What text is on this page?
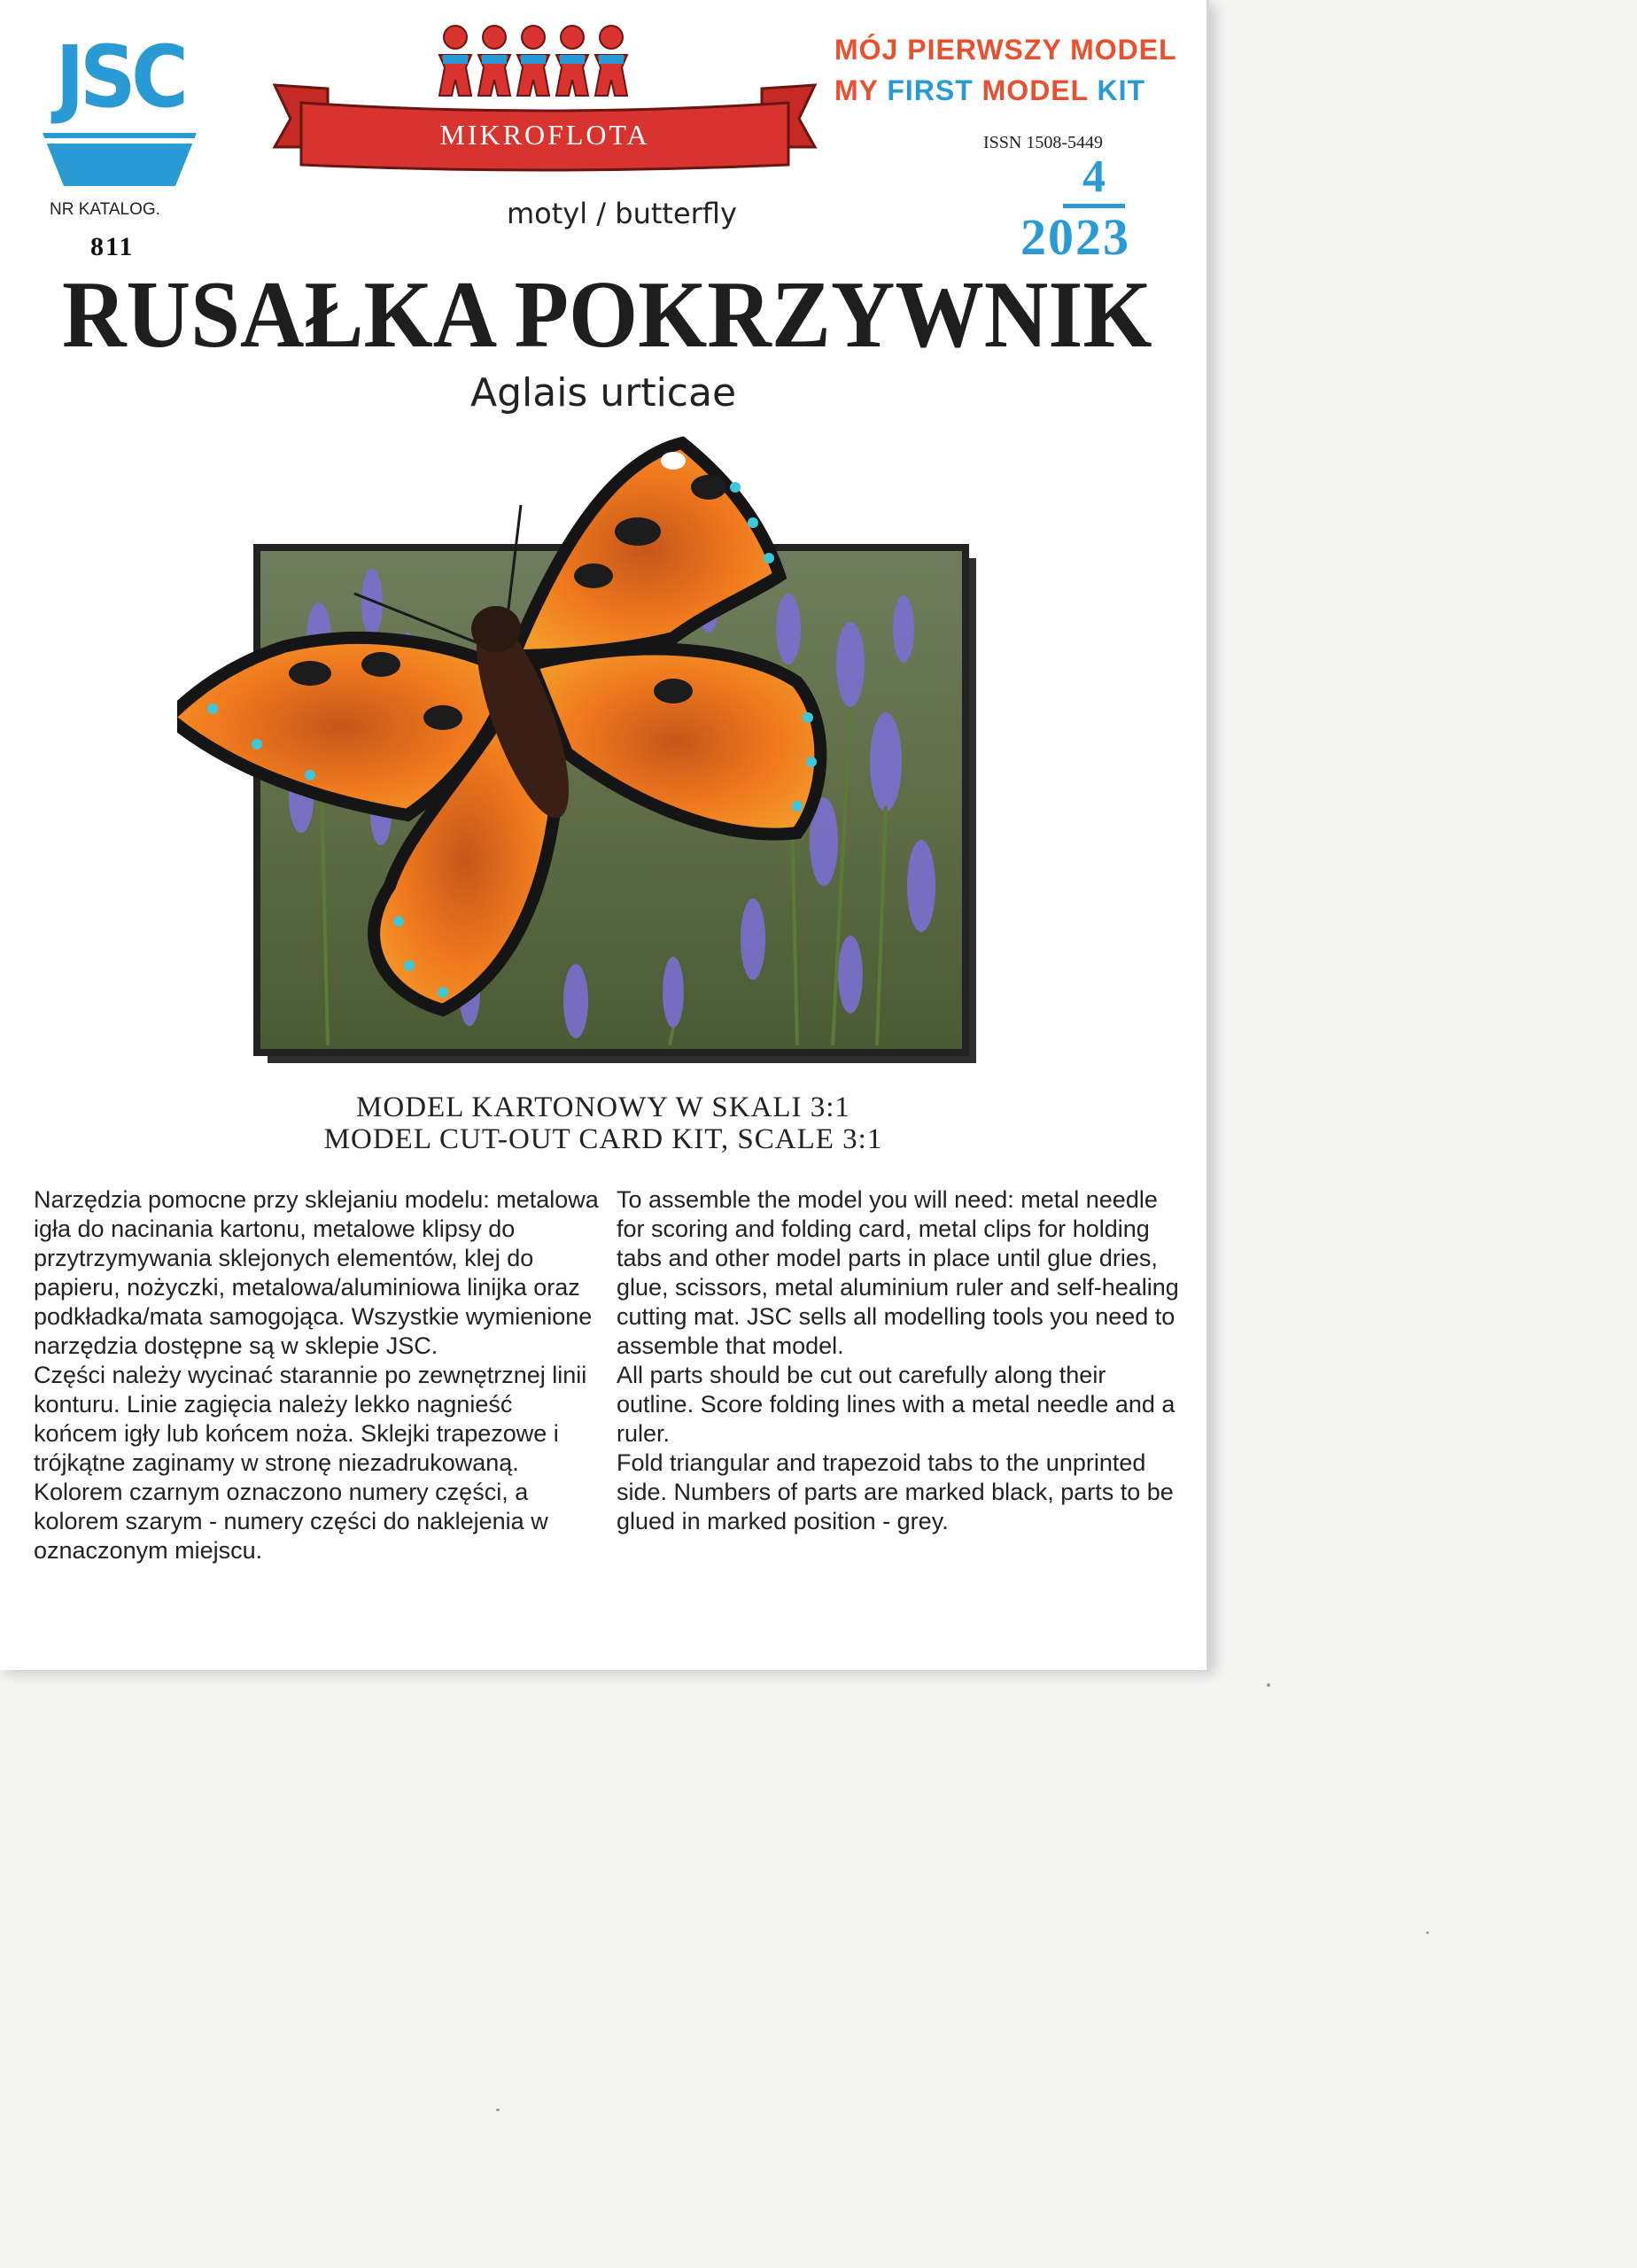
JSC
MIKROFLOTA
MÓJ PIERWSZY MODEL
MY FIRST MODEL KIT
ISSN 1508-5449
4
2023
NR KATALOG.
811
motyl / butterfly
RUSAŁKA POKRZYWNIK
Aglais urticae
MODEL KARTONOWY W SKALI 3:1
MODEL CUT-OUT CARD KIT, SCALE 3:1

Narzędzia pomocne przy sklejaniu modelu: metalowa igła do nacinania kartonu, metalowe klipsy do przytrzymywania sklejonych elementów, klej do papieru, nożyczki, metalowa/aluminiowa linijka oraz podkładka/mata samogojąca. Wszystkie wymienione narzędzia dostępne są w sklepie JSC.

Części należy wycinać starannie po zewnętrznej linii konturu. Linie zagięcia należy lekko nagnieść końcem igły lub końcem noża. Sklejki trapezowe i trójkątne zaginamy w stronę niezadrukowaną. Kolorem czarnym oznaczono numery części, a kolorem szarym - numery części do naklejenia w oznaczonym miejscu.

To assemble the model you will need: metal needle for scoring and folding card, metal clips for holding tabs and other model parts in place until glue dries, glue, scissors, metal aluminium ruler and self-healing cutting mat. JSC sells all modelling tools you need to assemble that model.

All parts should be cut out carefully along their outline. Score folding lines with a metal needle and a ruler.

Fold triangular and trapezoid tabs to the unprinted side. Numbers of parts are marked black, parts to be glued in marked position - grey.
